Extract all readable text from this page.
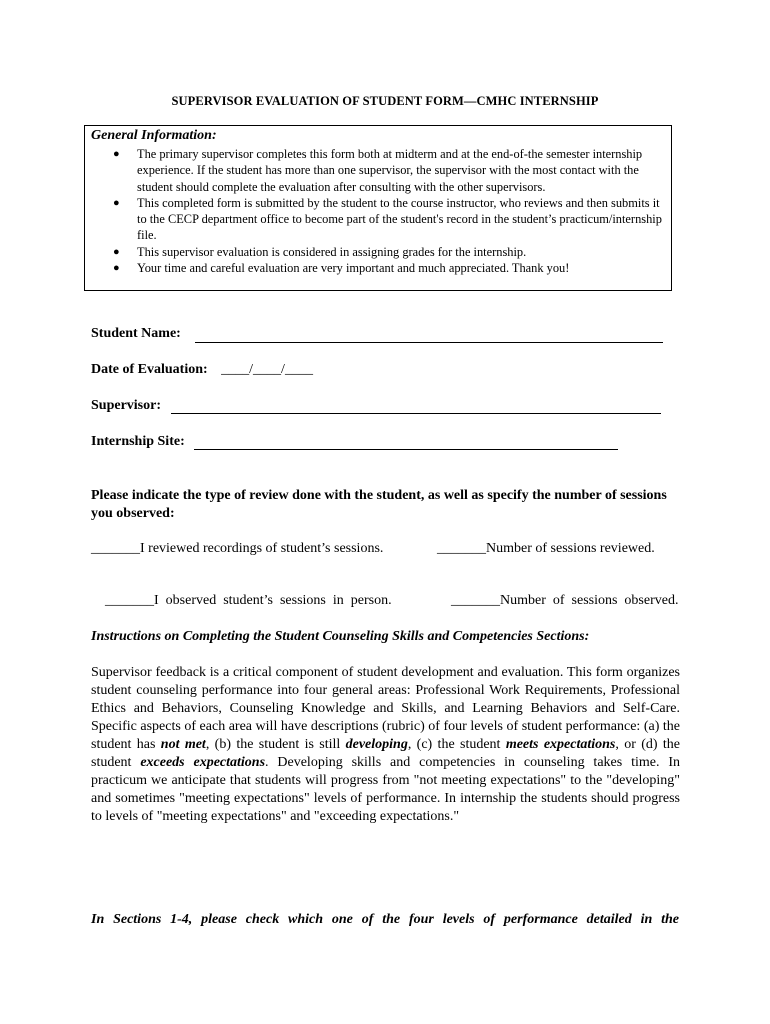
SUPERVISOR EVALUATION OF STUDENT FORM—CMHC INTERNSHIP
General Information:
● The primary supervisor completes this form both at midterm and at the end-of-the semester internship experience. If the student has more than one supervisor, the supervisor with the most contact with the student should complete the evaluation after consulting with the other supervisors.
● This completed form is submitted by the student to the course instructor, who reviews and then submits it to the CECP department office to become part of the student's record in the student’s practicum/internship file.
● This supervisor evaluation is considered in assigning grades for the internship.
● Your time and careful evaluation are very important and much appreciated. Thank you!
Student Name:
Date of Evaluation: ____/____/____
Supervisor:
Internship Site:
Please indicate the type of review done with the student, as well as specify the number of sessions you observed:
_______I reviewed recordings of student’s sessions.	_______Number of sessions reviewed.

_______I  observed  student’s  sessions  in  person.
	_______Number  of  sessions  observed.

Instructions on Completing the Student Counseling Skills and Competencies Sections:
Supervisor feedback is a critical component of student development and evaluation. This form organizes student counseling performance into four general areas: Professional Work Requirements, Professional Ethics and Behaviors, Counseling Knowledge and Skills, and Learning Behaviors and Self-Care. Specific aspects of each area will have descriptions (rubric) of four levels of student performance: (a) the student has not met, (b) the student is still developing, (c) the student meets expectations, or (d) the student exceeds expectations. Developing skills and competencies in counseling takes time. In practicum we anticipate that students will progress from "not meeting expectations" to the "developing" and sometimes "meeting expectations" levels of performance. In internship the students should progress to levels of "meeting expectations" and "exceeding expectations."
In Sections 1-4, please check which one of the four levels of performance detailed in the
